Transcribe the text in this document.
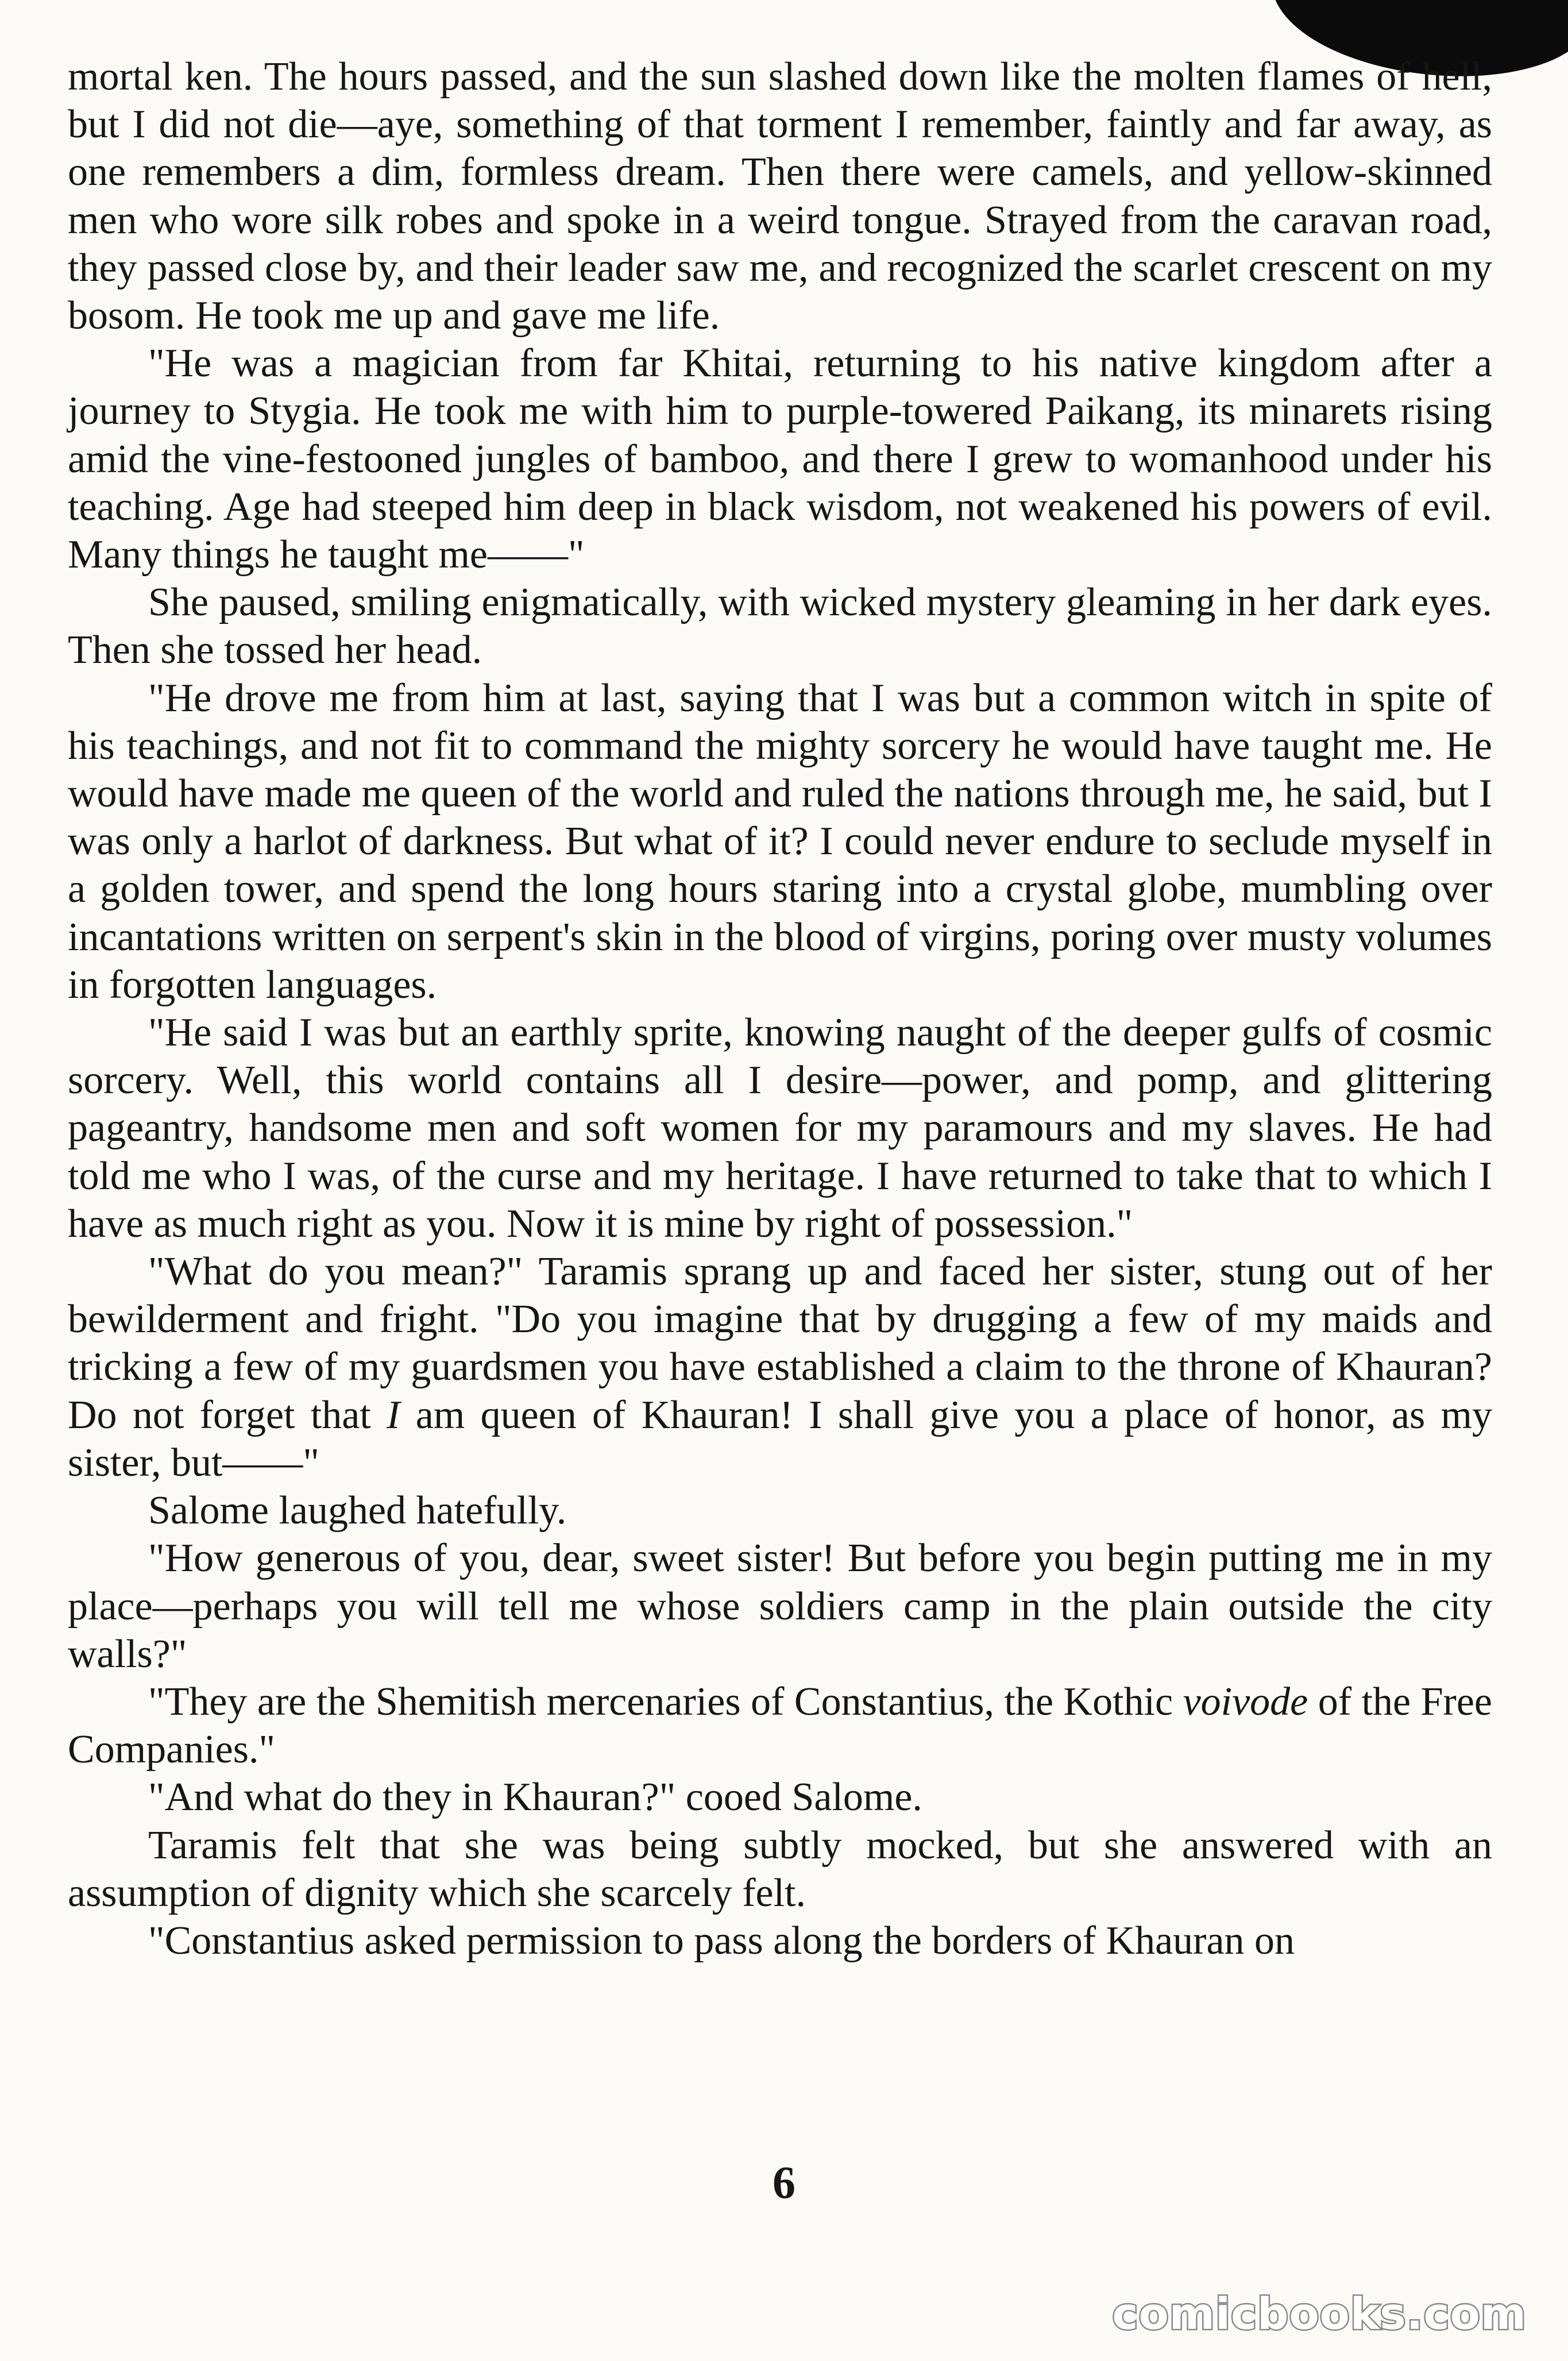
mortal ken. The hours passed, and the sun slashed down like the molten flames of hell, but I did not die—aye, something of that torment I remember, faintly and far away, as one remembers a dim, formless dream. Then there were camels, and yellow-skinned men who wore silk robes and spoke in a weird tongue. Strayed from the caravan road, they passed close by, and their leader saw me, and recognized the scarlet crescent on my bosom. He took me up and gave me life.

"He was a magician from far Khitai, returning to his native kingdom after a journey to Stygia. He took me with him to purple-towered Paikang, its minarets rising amid the vine-festooned jungles of bamboo, and there I grew to womanhood under his teaching. Age had steeped him deep in black wisdom, not weakened his powers of evil. Many things he taught me——"

She paused, smiling enigmatically, with wicked mystery gleaming in her dark eyes. Then she tossed her head.

"He drove me from him at last, saying that I was but a common witch in spite of his teachings, and not fit to command the mighty sorcery he would have taught me. He would have made me queen of the world and ruled the nations through me, he said, but I was only a harlot of darkness. But what of it? I could never endure to seclude myself in a golden tower, and spend the long hours staring into a crystal globe, mumbling over incantations written on serpent's skin in the blood of virgins, poring over musty volumes in forgotten languages.

"He said I was but an earthly sprite, knowing naught of the deeper gulfs of cosmic sorcery. Well, this world contains all I desire—power, and pomp, and glittering pageantry, handsome men and soft women for my paramours and my slaves. He had told me who I was, of the curse and my heritage. I have returned to take that to which I have as much right as you. Now it is mine by right of possession."

"What do you mean?" Taramis sprang up and faced her sister, stung out of her bewilderment and fright. "Do you imagine that by drugging a few of my maids and tricking a few of my guardsmen you have established a claim to the throne of Khauran? Do not forget that I am queen of Khauran! I shall give you a place of honor, as my sister, but——"

Salome laughed hatefully.

"How generous of you, dear, sweet sister! But before you begin putting me in my place—perhaps you will tell me whose soldiers camp in the plain outside the city walls?"

"They are the Shemitish mercenaries of Constantius, the Kothic voivode of the Free Companies."

"And what do they in Khauran?" cooed Salome.

Taramis felt that she was being subtly mocked, but she answered with an assumption of dignity which she scarcely felt.

"Constantius asked permission to pass along the borders of Khauran on

6
comicbooks.com
